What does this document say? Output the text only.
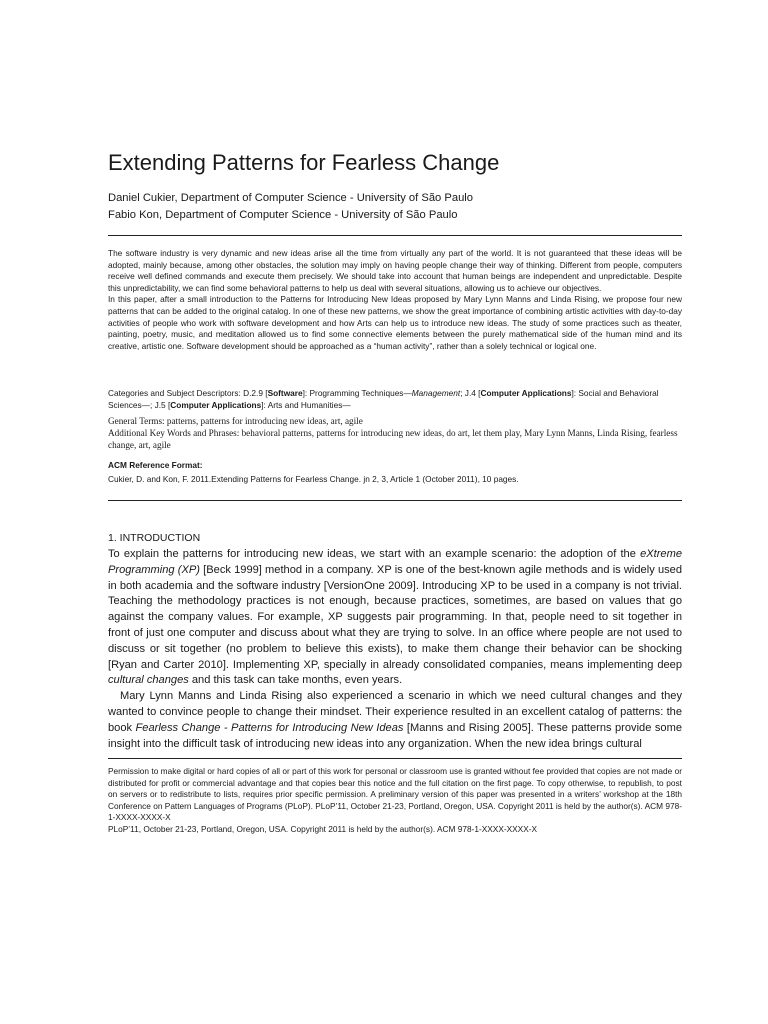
Extending Patterns for Fearless Change
Daniel Cukier, Department of Computer Science - University of São Paulo
Fabio Kon, Department of Computer Science - University of São Paulo

The software industry is very dynamic and new ideas arise all the time from virtually any part of the world. It is not guaranteed that these ideas will be adopted, mainly because, among other obstacles, the solution may imply on having people change their way of thinking. Different from people, computers receive well defined commands and execute them precisely. We should take into account that human beings are independent and unpredictable. Despite this unpredictability, we can find some behavioral patterns to help us deal with several situations, allowing us to achieve our objectives.

In this paper, after a small introduction to the Patterns for Introducing New Ideas proposed by Mary Lynn Manns and Linda Rising, we propose four new patterns that can be added to the original catalog. In one of these new patterns, we show the great importance of combining artistic activities with day-to-day activities of people who work with software development and how Arts can help us to introduce new ideas. The study of some practices such as theater, painting, poetry, music, and meditation allowed us to find some connective elements between the purely mathematical side of the human mind and its creative, artistic one. Software development should be approached as a “human activity”, rather than a solely technical or logical one.

Categories and Subject Descriptors: D.2.9 [Software]: Programming Techniques—Management; J.4 [Computer Applications]: Social and Behavioral Sciences—; J.5 [Computer Applications]: Arts and Humanities—
General Terms: patterns, patterns for introducing new ideas, art, agile
Additional Key Words and Phrases: behavioral patterns, patterns for introducing new ideas, do art, let them play, Mary Lynn Manns, Linda Rising, fearless change, art, agile
ACM Reference Format:
Cukier, D. and Kon, F. 2011.Extending Patterns for Fearless Change. jn 2, 3, Article 1 (October 2011), 10 pages.
1. INTRODUCTION

To explain the patterns for introducing new ideas, we start with an example scenario: the adoption of the eXtreme Programming (XP) [Beck 1999] method in a company. XP is one of the best-known agile methods and is widely used in both academia and the software industry [VersionOne 2009]. Introducing XP to be used in a company is not trivial. Teaching the methodology practices is not enough, because practices, sometimes, are based on values that go against the company values. For example, XP suggests pair programming. In that, people need to sit together in front of just one computer and discuss about what they are trying to solve. In an office where people are not used to discuss or sit together (no problem to believe this exists), to make them change their behavior can be shocking [Ryan and Carter 2010]. Implementing XP, specially in already consolidated companies, means implementing deep cultural changes and this task can take months, even years.

Mary Lynn Manns and Linda Rising also experienced a scenario in which we need cultural changes and they wanted to convince people to change their mindset. Their experience resulted in an excellent catalog of patterns: the book Fearless Change - Patterns for Introducing New Ideas [Manns and Rising 2005]. These patterns provide some insight into the difficult task of introducing new ideas into any organization. When the new idea brings cultural

Permission to make digital or hard copies of all or part of this work for personal or classroom use is granted without fee provided that copies are not made or distributed for profit or commercial advantage and that copies bear this notice and the full citation on the first page. To copy otherwise, to republish, to post on servers or to redistribute to lists, requires prior specific permission. A preliminary version of this paper was presented in a writers’ workshop at the 18th Conference on Pattern Languages of Programs (PLoP). PLoP’11, October 21-23, Portland, Oregon, USA. Copyright 2011 is held by the author(s). ACM 978-1-XXXX-XXXX-X

PLoP’11, October 21-23, Portland, Oregon, USA. Copyright 2011 is held by the author(s). ACM 978-1-XXXX-XXXX-X
